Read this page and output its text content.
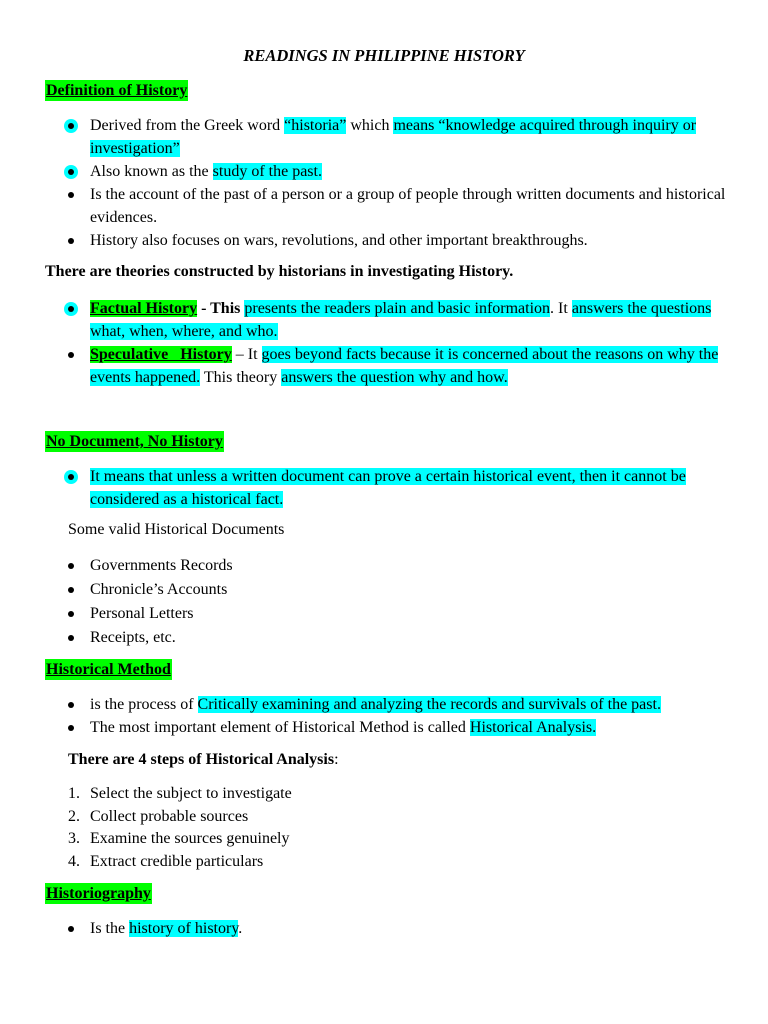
READINGS IN PHILIPPINE HISTORY
Definition of History
Derived from the Greek word “historia” which means “knowledge acquired through inquiry or investigation”
Also known as the study of the past.
Is the account of the past of a person or a group of people through written documents and historical evidences.
History also focuses on wars, revolutions, and other important breakthroughs.
There are theories constructed by historians in investigating History.
Factual History - This presents the readers plain and basic information. It answers the questions what, when, where, and who.
Speculative   History – It goes beyond facts because it is concerned about the reasons on why the events happened. This theory answers the question why and how.
No Document, No History
It means that unless a written document can prove a certain historical event, then it cannot be considered as a historical fact.
Some valid Historical Documents
Governments Records
Chronicle’s Accounts
Personal Letters
Receipts, etc.
Historical Method
is the process of Critically examining and analyzing the records and survivals of the past.
The most important element of Historical Method is called Historical Analysis.
There are 4 steps of Historical Analysis:
1. Select the subject to investigate
2. Collect probable sources
3. Examine the sources genuinely
4. Extract credible particulars
Historiography
Is the history of history.
